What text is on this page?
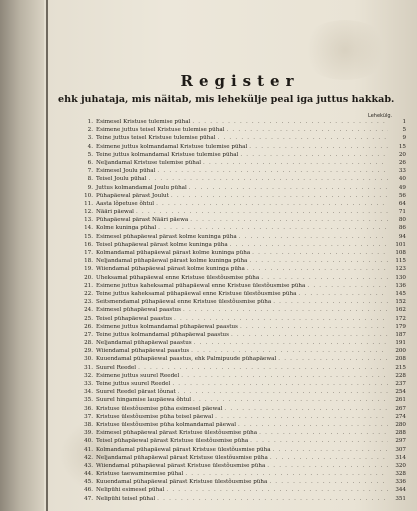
Register
ehk juhataja, mis näitab, mis lehekülje peal iga juttus hakkab.
Lehekülg.
1. Esimesel Kristuse tulemise pühal . . .	1
2. Esimene juttus teisel Kristuse tulemise pühal . . .	5
3. Teine juttus teisel Kristuse tulemise pühal . . .	9
4. Esimene juttus kolmandamal Kristuse tulemise pühal . . .	15
5. Teine juttus kolmandamal Kristuse tulemise pühal . . .	20
6. Neljandamal Kristuse tulemise pühal . . .	26
7. Esimesel Joulu pühal . . .	33
8. Teisel Joulu pühal . . .	40
9. Juttus kolmandamal Joulu pühal . . .	49
10. Pühapäewal pärast Joulut . . .	56
11. Aasta lõpetuse õhtul . . .	64
12. Nääri päewal . . .	71
13. Pühapäewal pärast Nääri päewa . . .	80
14. Kolme kuninga pühal . . .	86
15. Esimesel pühapäewal pärast kolme kuninga püha . . .	94
16. Teisel pühapäewal pärast kolme kuninga püha . . .	101
17. Kolmandamal pühapäewal pärast kolme kuninga püha . . .	108
18. Neljandamal pühapäewal pärast kolme kuninga püha . . .	115
19. Wiiendamal pühapäewal pärast kolme kuninga püha . . .	123
20. Uheksamal pühapäewal enne Kristuse ülestõusmise püha . . .	130
21. Esimene juttus kaheksamal pühapäewal enne Kristuse ülestõusmise püha . . .	136
22. Teine juttus kaheksamal pühapäewal enne Kristuse ülestõusmise püha . . .	145
23. Seitsmendamal pühapäewal enne Kristuse ülestõusmise püha . . .	152
24. Esimesel pühapäewal paastus . . .	162
25. Teisel pühapäewal paastus . . .	172
26. Esimene juttus kolmandamal pühapäewal paastus . . .	179
27. Teine juttus kolmandamal pühapäewal paastus . . .	187
28. Neljandamal pühapäewal paastus . . .	191
29. Wiiendamal pühapäewal paastus . . .	200
30. Kuuendamal pühapäewal paastus, ehk Palmipuude pühapäewal . . .	208
31. Suurel Reedel . . .	215
32. Esimene juttus suurel Reedel . . .	228
33. Teine juttus suurel Reedel . . .	237
34. Suurel Reedel pärast lõunat . . .	254
35. Suurel hingamise laupäewa õhtul . . .	261
36. Kristuse ülestõusmise püha esimesel päewal . . .	267
37. Kristuse ülestõusmise püha teisel päewal . . .	274
38. Kristuse ülestõusmise püha kolmandamal päewal . . .	280
39. Esimesel pühapäewal pärast Kristuse ülestõusmise püha . . .	288
40. Teisel pühapäewal pärast Kristuse ülestõusmise püha . . .	297
41. Kolmandamal pühapäewal pärast Kristuse ülestõusmise püha . . .	307
42. Neljandamal pühapäewal pärast Kristuse ülestõusmise püha . . .	314
43. Wiiendamal pühapäewal pärast Kristuse ülestõusmise püha . . .	320
44. Kristuse taewaminemise pühal . . .	328
45. Kuuendamal pühapäewal pärast Kristuse ülestõusmise püha . . .	336
46. Nelipühi esimesel pühal . . .	344
47. Nelipühi teisel pühal . . .	351
